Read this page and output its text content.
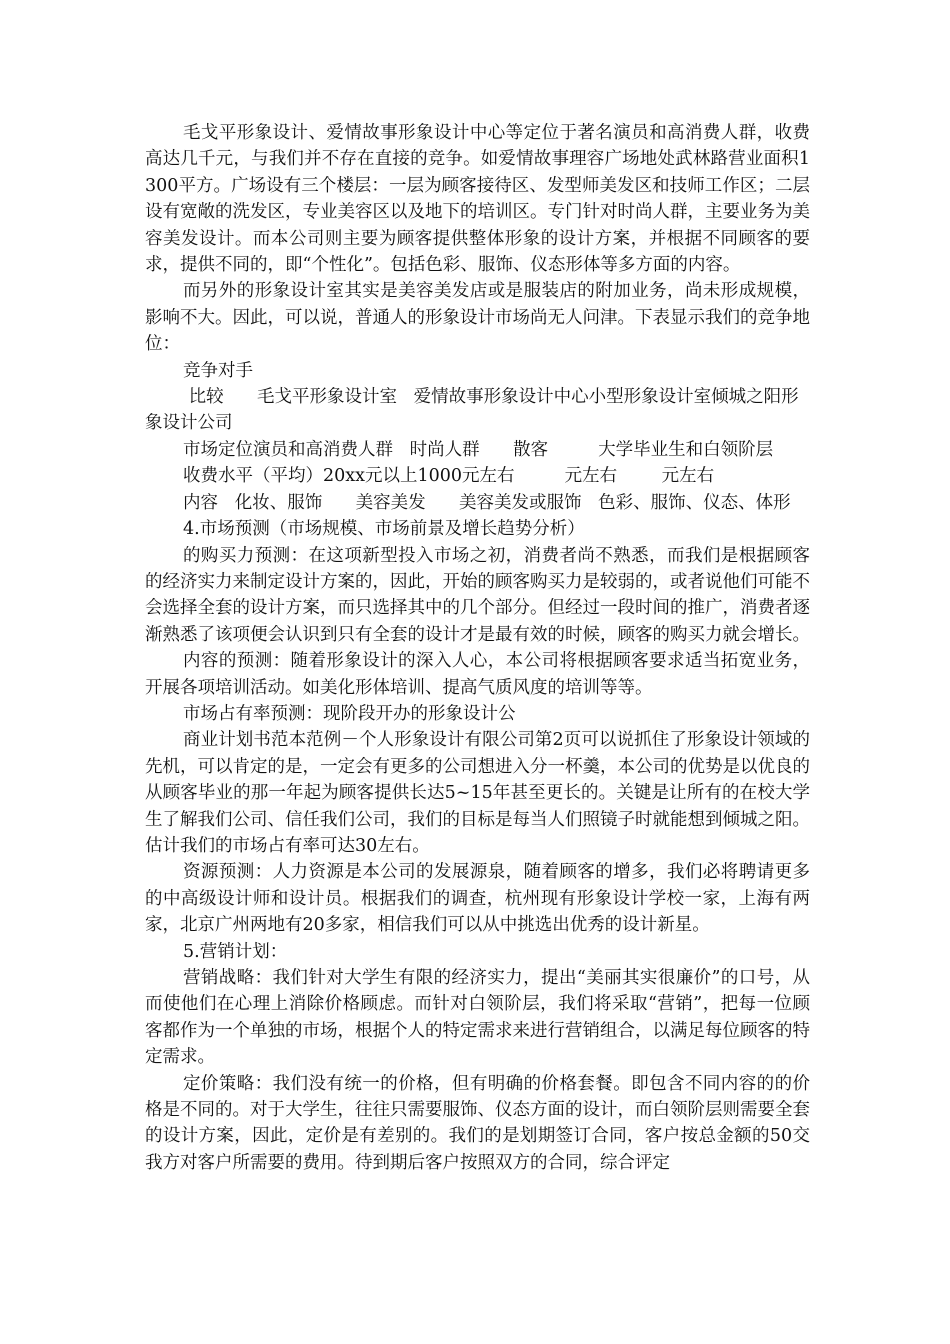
毛戈平形象设计、爱情故事形象设计中心等定位于著名演员和高消费人群，收费高达几千元，与我们并不存在直接的竞争。如爱情故事理容广场地处武林路营业面积1300平方。广场设有三个楼层：一层为顾客接待区、发型师美发区和技师工作区；二层设有宽敞的洗发区，专业美容区以及地下的培训区。专门针对时尚人群，主要业务为美容美发设计。而本公司则主要为顾客提供整体形象的设计方案，并根据不同顾客的要求，提供不同的，即“个性化”。包括色彩、服饰、仪态形体等多方面的内容。

而另外的形象设计室其实是美容美发店或是服装店的附加业务，尚未形成规模，影响不大。因此，可以说，普通人的形象设计市场尚无人问津。下表显示我们的竞争地位：

竞争对手

比较      毛戈平形象设计室   爱情故事形象设计中心小型形象设计室倾城之阳形象设计公司

市场定位演员和高消费人群   时尚人群      散客         大学毕业生和白领阶层

收费水平（平均）20xx元以上1000元左右         元左右        元左右

内容   化妆、服饰      美容美发      美容美发或服饰   色彩、服饰、仪态、体形

4.市场预测（市场规模、市场前景及增长趋势分析）

的购买力预测：在这项新型投入市场之初，消费者尚不熟悉，而我们是根据顾客的经济实力来制定设计方案的，因此，开始的顾客购买力是较弱的，或者说他们可能不会选择全套的设计方案，而只选择其中的几个部分。但经过一段时间的推广，消费者逐渐熟悉了该项便会认识到只有全套的设计才是最有效的时候，顾客的购买力就会增长。

内容的预测：随着形象设计的深入人心，本公司将根据顾客要求适当拓宽业务，开展各项培训活动。如美化形体培训、提高气质风度的培训等等。

市场占有率预测：现阶段开办的形象设计公

商业计划书范本范例－个人形象设计有限公司第2页可以说抓住了形象设计领域的先机，可以肯定的是，一定会有更多的公司想进入分一杯羹，本公司的优势是以优良的从顾客毕业的那一年起为顾客提供长达5~15年甚至更长的。关键是让所有的在校大学生了解我们公司、信任我们公司，我们的目标是每当人们照镜子时就能想到倾城之阳。估计我们的市场占有率可达30左右。

资源预测：人力资源是本公司的发展源泉，随着顾客的增多，我们必将聘请更多的中高级设计师和设计员。根据我们的调查，杭州现有形象设计学校一家，上海有两家，北京广州两地有20多家，相信我们可以从中挑选出优秀的设计新星。

5.营销计划：

营销战略：我们针对大学生有限的经济实力，提出“美丽其实很廉价”的口号，从而使他们在心理上消除价格顾虑。而针对白领阶层，我们将采取“营销”，把每一位顾客都作为一个单独的市场，根据个人的特定需求来进行营销组合，以满足每位顾客的特定需求。

定价策略：我们没有统一的价格，但有明确的价格套餐。即包含不同内容的的价格是不同的。对于大学生，往往只需要服饰、仪态方面的设计，而白领阶层则需要全套的设计方案，因此，定价是有差别的。我们的是划期签订合同，客户按总金额的50交我方对客户所需要的费用。待到期后客户按照双方的合同，综合评定
